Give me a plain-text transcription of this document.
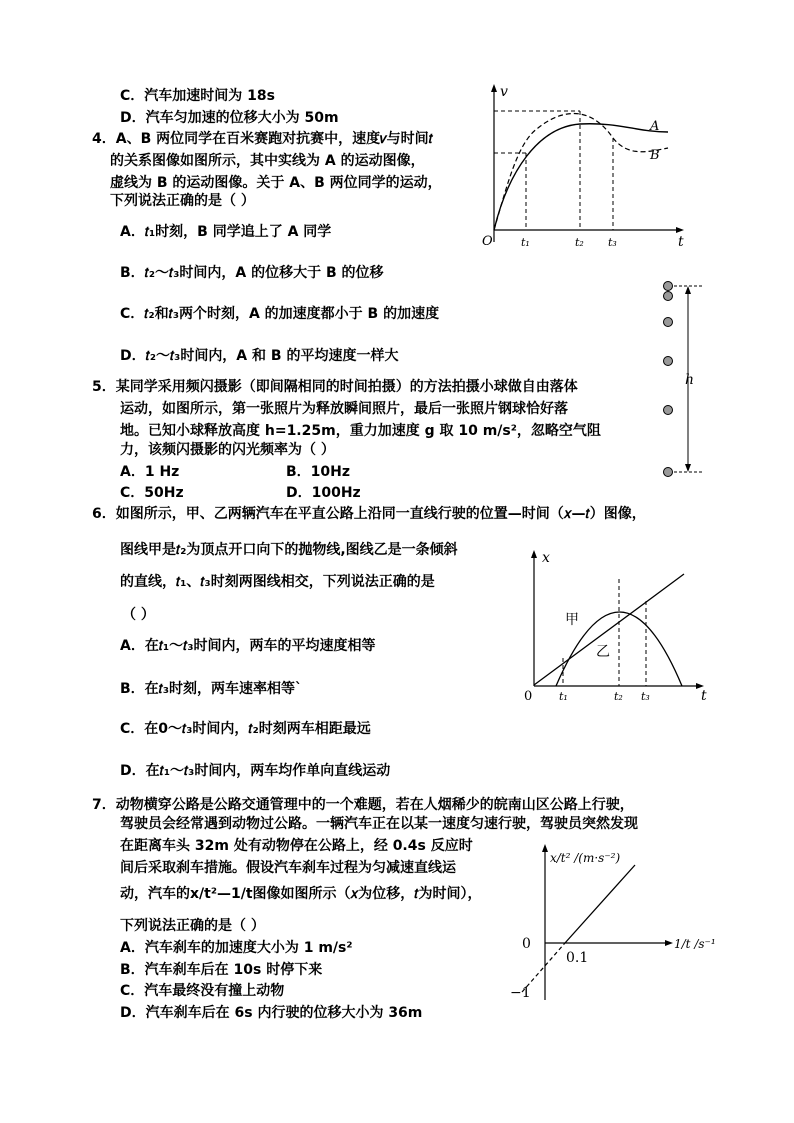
C．汽车加速时间为 18s
D．汽车匀加速的位移大小为 50m
4．A、B 两位同学在百米赛跑对抗赛中，速度𝑣与时间𝑡
的关系图像如图所示，其中实线为 A 的运动图像，
虚线为 B 的运动图像。关于 A、B 两位同学的运动，
下列说法正确的是（ ）
A．𝑡₁时刻，B 同学追上了 A 同学
B．𝑡₂～𝑡₃时间内，A 的位移大于 B 的位移
C．𝑡₂和𝑡₃两个时刻，A 的加速度都小于 B 的加速度
D．𝑡₂～𝑡₃时间内，A 和 B 的平均速度一样大
v
t
O	t₁	t₂ t₃
A
B
5．某同学采用频闪摄影（即间隔相同的时间拍摄）的方法拍摄小球做自由落体
运动，如图所示，第一张照片为释放瞬间照片，最后一张照片钢球恰好落
地。已知小球释放高度 h=1.25m，重力加速度 g 取 10 m/s²，忽略空气阻
力，该频闪摄影的闪光频率为（ ）
A．1 Hz	B．10Hz
C．50Hz	D．100Hz
h
6．如图所示，甲、乙两辆汽车在平直公路上沿同一直线行驶的位置—时间（𝑥—𝑡）图像，
图线甲是𝑡₂为顶点开口向下的抛物线,图线乙是一条倾斜
的直线，𝑡₁、𝑡₃时刻两图线相交，下列说法正确的是
（ ）
A．在𝑡₁～𝑡₃时间内，两车的平均速度相等
B．在𝑡₃时刻，两车速率相等`
C．在0～𝑡₃时间内，𝑡₂时刻两车相距最远
D．在𝑡₁～𝑡₃时间内，两车均作单向直线运动
x
t
0 t₁	t₂ t₃
甲
乙
7．动物横穿公路是公路交通管理中的一个难题，若在人烟稀少的皖南山区公路上行驶，
驾驶员会经常遇到动物过公路。一辆汽车正在以某一速度匀速行驶，驾驶员突然发现
在距离车头 32m 处有动物停在公路上，经 0.4s 反应时
间后采取刹车措施。假设汽车刹车过程为匀减速直线运
动，汽车的x/t²—1/t图像如图所示（𝑥为位移，𝑡为时间），
下列说法正确的是（ ）
A．汽车刹车的加速度大小为 1 m/s²
B．汽车刹车后在 10s 时停下来
C．汽车最终没有撞上动物
D．汽车刹车后在 6s 内行驶的位移大小为 36m
x/t² /(m·s⁻²)
1/t /s⁻¹
0
0.1
−1
